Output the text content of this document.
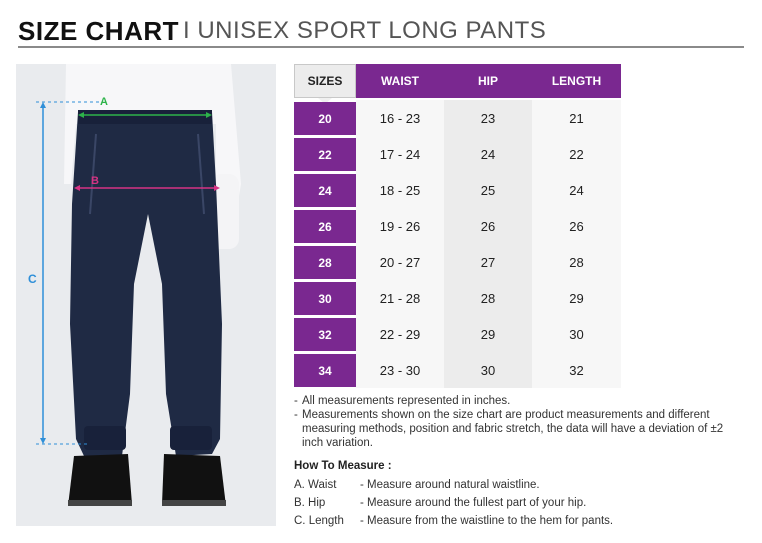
SIZE CHART I UNISEX SPORT LONG PANTS
A
B
C
SIZES	WAIST	HIP	LENGTH
20	16 - 23	23	21
22	17 - 24	24	22
24	18 - 25	25	24
26	19 - 26	26	26
28	20 - 27	27	28
30	21 - 28	28	29
32	22 - 29	29	30
34	23 - 30	30	32
- All measurements represented in inches.
- Measurements shown on the size chart are product measurements and different measuring methods, position and fabric stretch, the data will have a deviation of ±2 inch variation.
How To Measure :
A. Waist - Measure around natural waistline.
B. Hip	- Measure around the fullest part of your hip.
C. Length - Measure from the waistline to the hem for pants.
